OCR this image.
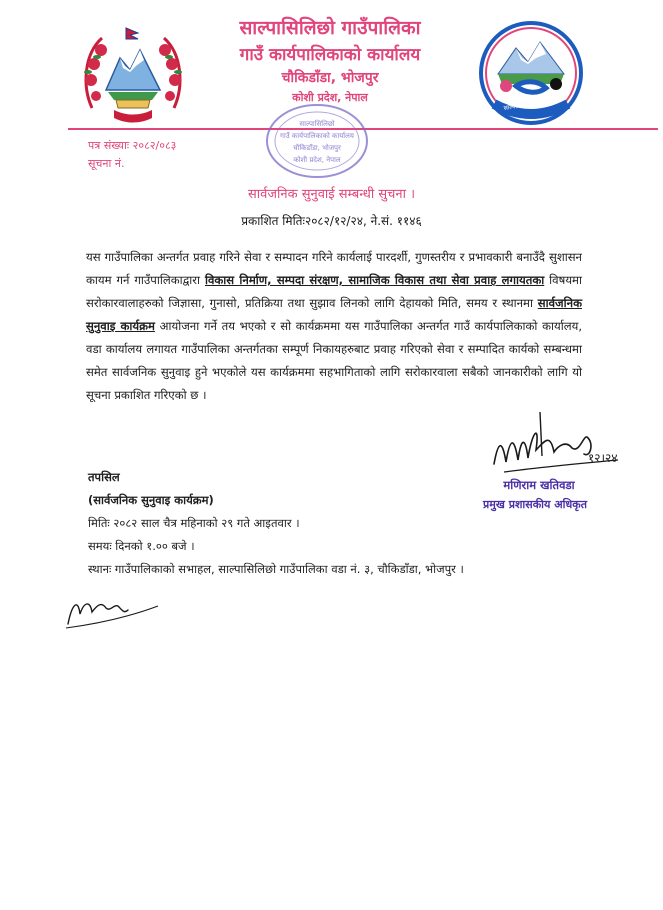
साल्पासिलिछो गाउँपालिका
साल्पासिलिछो गाउँपालिका
गाउँ कार्यपालिकाको कार्यालय
चौकिडाँडा, भोजपुर
कोशी प्रदेश, नेपाल
पत्र संख्याः २०८२/०८३
सूचना नं.
साल्पासिलिछो
गाउँ कार्यपालिकाको कार्यालय
चौकिडाँडा, भोजपुर
कोशी प्रदेश, नेपाल
सार्वजनिक सुनुवाई सम्बन्धी सुचना ।
प्रकाशित मितिः२०८२/१२/२४, ने.सं. ११४६
यस गाउँपालिका अन्तर्गत प्रवाह गरिने सेवा र सम्पादन गरिने कार्यलाई पारदर्शी, गुणस्तरीय र प्रभावकारी बनाउँदै सुशासन कायम गर्न गाउँपालिकाद्वारा विकास निर्माण, सम्पदा संरक्षण, सामाजिक विकास तथा सेवा प्रवाह लगायतका विषयमा सरोकारवालाहरुको जिज्ञासा, गुनासो, प्रतिक्रिया तथा सुझाव लिनको लागि देहायको मिति, समय र स्थानमा सार्वजनिक सुनुवाइ कार्यक्रम आयोजना गर्ने तय भएको र सो कार्यक्रममा यस गाउँपालिका अन्तर्गत गाउँ कार्यपालिकाको कार्यालय, वडा कार्यालय लगायत गाउँपालिका अन्तर्गतका सम्पूर्ण निकायहरुबाट प्रवाह गरिएको सेवा र सम्पादित कार्यको सम्बन्धमा समेत सार्वजनिक सुनुवाइ हुने भएकोले यस कार्यक्रममा सहभागिताको लागि सरोकारवाला सबैको जानकारीको लागि यो सूचना प्रकाशित गरिएको छ ।
१२।२४
मणिराम खतिवडा
प्रमुख प्रशासकीय अधिकृत
तपसिल
(सार्वजनिक सुनुवाइ कार्यक्रम)
मितिः २०८२ साल चैत्र महिनाको २९ गते आइतवार ।
समयः दिनको १.०० बजे ।
स्थानः गाउँपालिकाको सभाहल, साल्पासिलिछो गाउँपालिका वडा नं. ३, चौकिडाँडा, भोजपुर ।
